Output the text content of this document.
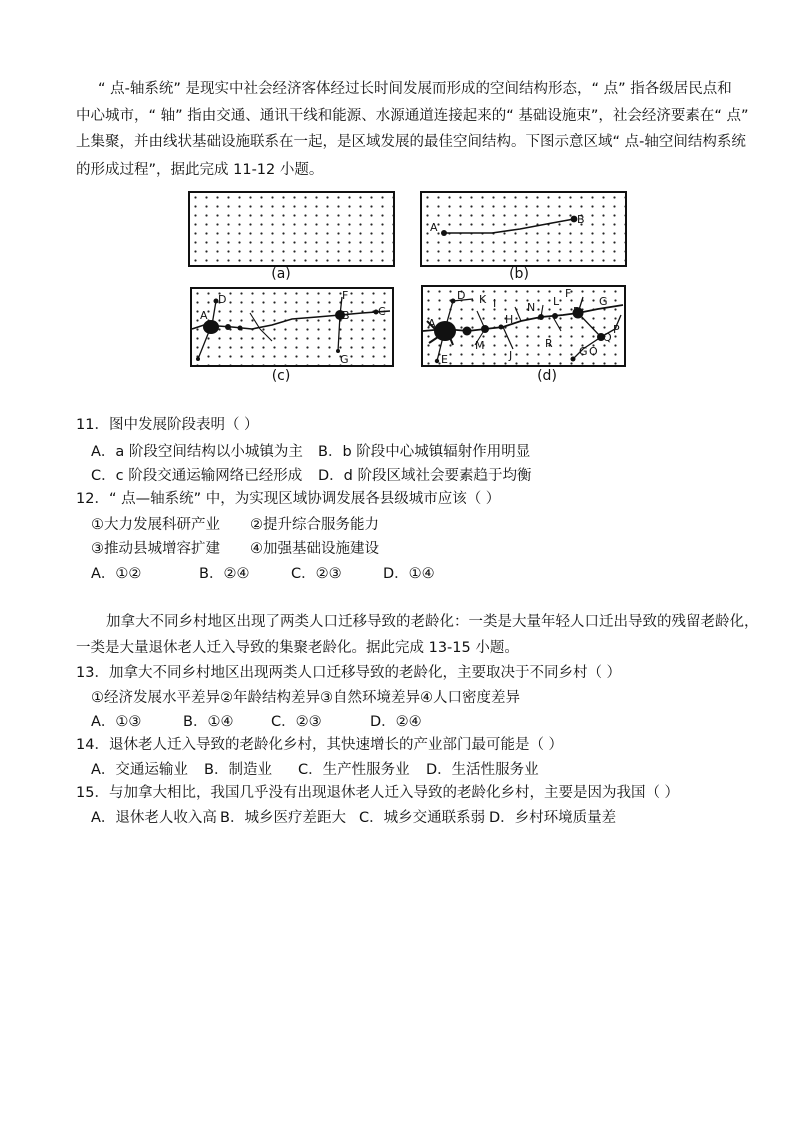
“ 点-轴系统” 是现实中社会经济客体经过长时间发展而形成的空间结构形态，“ 点” 指各级居民点和
中心城市，“ 轴” 指由交通、通讯干线和能源、水源通道连接起来的“ 基础设施束”，社会经济要素在“ 点”
上集聚，并由线状基础设施联系在一起，是区域发展的最佳空间结构。下图示意区域“ 点-轴空间结构系统
的形成过程”，据此完成 11-12 小题。
(a)
A
B
(b)
D
A
F
B	C
G
(c)
D K I	L
F
B
G
A	H
N
M
J
R	Q
P
G O
E
(d)
11．图中发展阶段表明（ ）
A．a 阶段空间结构以小城镇为主 B．b 阶段中心城镇辐射作用明显
C．c 阶段交通运输网络已经形成 D．d 阶段区域社会要素趋于均衡
12．“ 点—轴系统” 中，为实现区域协调发展各县级城市应该（ ）
①大力发展科研产业 ②提升综合服务能力
③推动县城增容扩建 ④加强基础设施建设
A．①②	B．②④	C．②③	D．①④
加拿大不同乡村地区出现了两类人口迁移导致的老龄化：一类是大量年轻人口迁出导致的残留老龄化，
一类是大量退休老人迁入导致的集聚老龄化。据此完成 13-15 小题。
13．加拿大不同乡村地区出现两类人口迁移导致的老龄化，主要取决于不同乡村（ ）
①经济发展水平差异②年龄结构差异③自然环境差异④人口密度差异
A．①③	B．①④	C．②③	D．②④
14．退休老人迁入导致的老龄化乡村，其快速增长的产业部门最可能是（ ）
A．交通运输业 B．制造业 C．生产性服务业 D．生活性服务业
15．与加拿大相比，我国几乎没有出现退休老人迁入导致的老龄化乡村，主要是因为我国（ ）
A．退休老人收入高 B．城乡医疗差距大 C．城乡交通联系弱 D．乡村环境质量差
